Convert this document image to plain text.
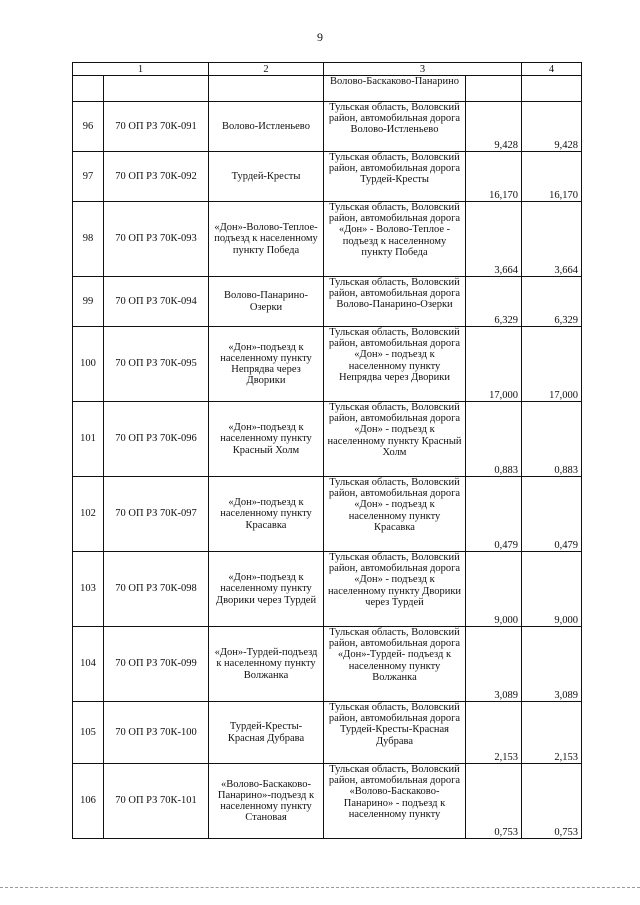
9
1		2	3		4
			Волово-Баскаково-Панарино		
96	70 ОП РЗ 70К-091	Волово-Истленьево	Тульская область, Воловский район, автомобильная дорога Волово-Истленьево	9,428	9,428
97	70 ОП РЗ 70К-092	Турдей-Кресты	Тульская область, Воловский район, автомобильная дорога Турдей-Кресты	16,170	16,170
98	70 ОП РЗ 70К-093	«Дон»-Волово-Теплое-подъезд к населенному пункту Победа	Тульская область, Воловский район, автомобильная дорога «Дон» - Волово-Теплое - подъезд к населенному пункту Победа	3,664	3,664
99	70 ОП РЗ 70К-094	Волово-Панарино-Озерки	Тульская область, Воловский район, автомобильная дорога Волово-Панарино-Озерки	6,329	6,329
100	70 ОП РЗ 70К-095	«Дон»-подъезд к населенному пункту Непрядва через Дворики	Тульская область, Воловский район, автомобильная дорога «Дон» - подъезд к населенному пункту Непрядва через Дворики	17,000	17,000
101	70 ОП РЗ 70К-096	«Дон»-подъезд к населенному пункту Красный Холм	Тульская область, Воловский район, автомобильная дорога «Дон» - подъезд к населенному пункту Красный Холм	0,883	0,883
102	70 ОП РЗ 70К-097	«Дон»-подъезд к населенному пункту Красавка	Тульская область, Воловский район, автомобильная дорога «Дон» - подъезд к населенному пункту Красавка	0,479	0,479
103	70 ОП РЗ 70К-098	«Дон»-подъезд к населенному пункту Дворики через Турдей	Тульская область, Воловский район, автомобильная дорога «Дон» - подъезд к населенному пункту Дворики через Турдей	9,000	9,000
104	70 ОП РЗ 70К-099	«Дон»-Турдей-подъезд к населенному пункту Волжанка	Тульская область, Воловский район, автомобильная дорога «Дон»-Турдей- подъезд к населенному пункту Волжанка	3,089	3,089
105	70 ОП РЗ 70К-100	Турдей-Кресты-Красная Дубрава	Тульская область, Воловский район, автомобильная дорога Турдей-Кресты-Красная Дубрава	2,153	2,153
106	70 ОП РЗ 70К-101	«Волово-Баскаково-Панарино»-подъезд к населенному пункту Становая	Тульская область, Воловский район, автомобильная дорога «Волово-Баскаково-Панарино» - подъезд к населенному пункту	0,753	0,753
